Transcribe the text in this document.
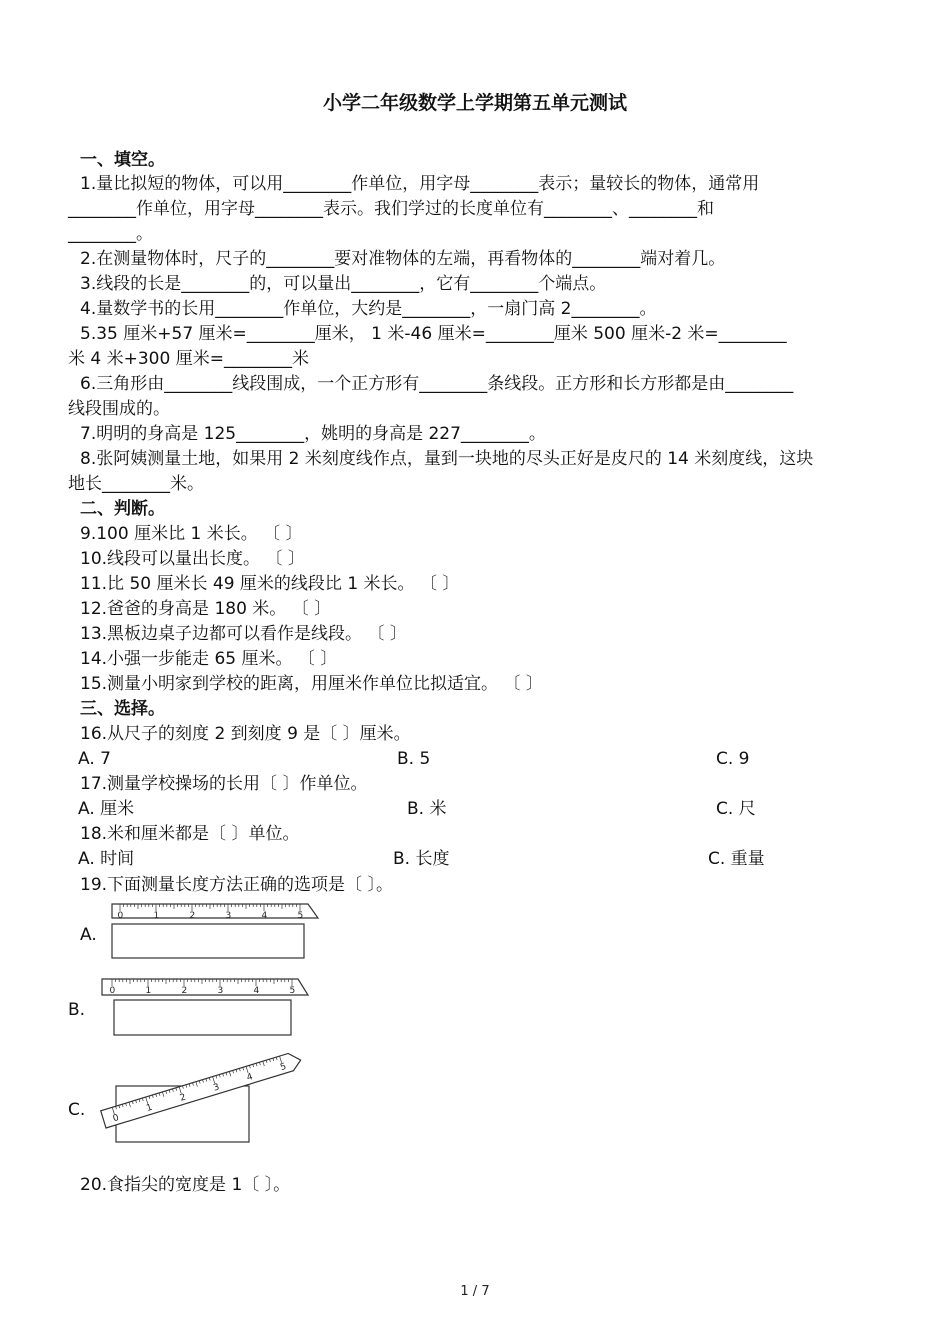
小学二年级数学上学期第五单元测试
一、填空。
1.量比拟短的物体，可以用________作单位，用字母________表示；量较长的物体，通常用
________作单位，用字母________表示。我们学过的长度单位有________、________和
________。
2.在测量物体时，尺子的________要对准物体的左端，再看物体的________端对着几。
3.线段的长是________的，可以量出________，它有________个端点。
4.量数学书的长用________作单位，大约是________，一扇门高 2________。
5.35 厘米+57 厘米=________厘米， 1 米-46 厘米=________厘米 500 厘米-2 米=________
米 4 米+300 厘米=________米
6.三角形由________线段围成，一个正方形有________条线段。正方形和长方形都是由________
线段围成的。
7.明明的身高是 125________，姚明的身高是 227________。
8.张阿姨测量土地，如果用 2 米刻度线作点，量到一块地的尽头正好是皮尺的 14 米刻度线，这块
地长________米。
二、判断。
9.100 厘米比 1 米长。 〔 〕
10.线段可以量出长度。 〔 〕
11.比 50 厘米长 49 厘米的线段比 1 米长。 〔 〕
12.爸爸的身高是 180 米。 〔 〕
13.黑板边桌子边都可以看作是线段。 〔 〕
14.小强一步能走 65 厘米。 〔 〕
15.测量小明家到学校的距离，用厘米作单位比拟适宜。 〔 〕
三、选择。
16.从尺子的刻度 2 到刻度 9 是〔 〕厘米。
A. 7	B. 5	C. 9
17.测量学校操场的长用〔 〕作单位。
A. 厘米	B. 米	C. 尺
18.米和厘米都是〔 〕单位。
A. 时间	B. 长度	C. 重量
19.下面测量长度方法正确的选项是〔 〕。
A.
0	1	2	3	4	5
B.
0	1	2	3	4	5
C.	0
1
2
3
4
5
20.食指尖的宽度是 1〔 〕。
1 / 7
